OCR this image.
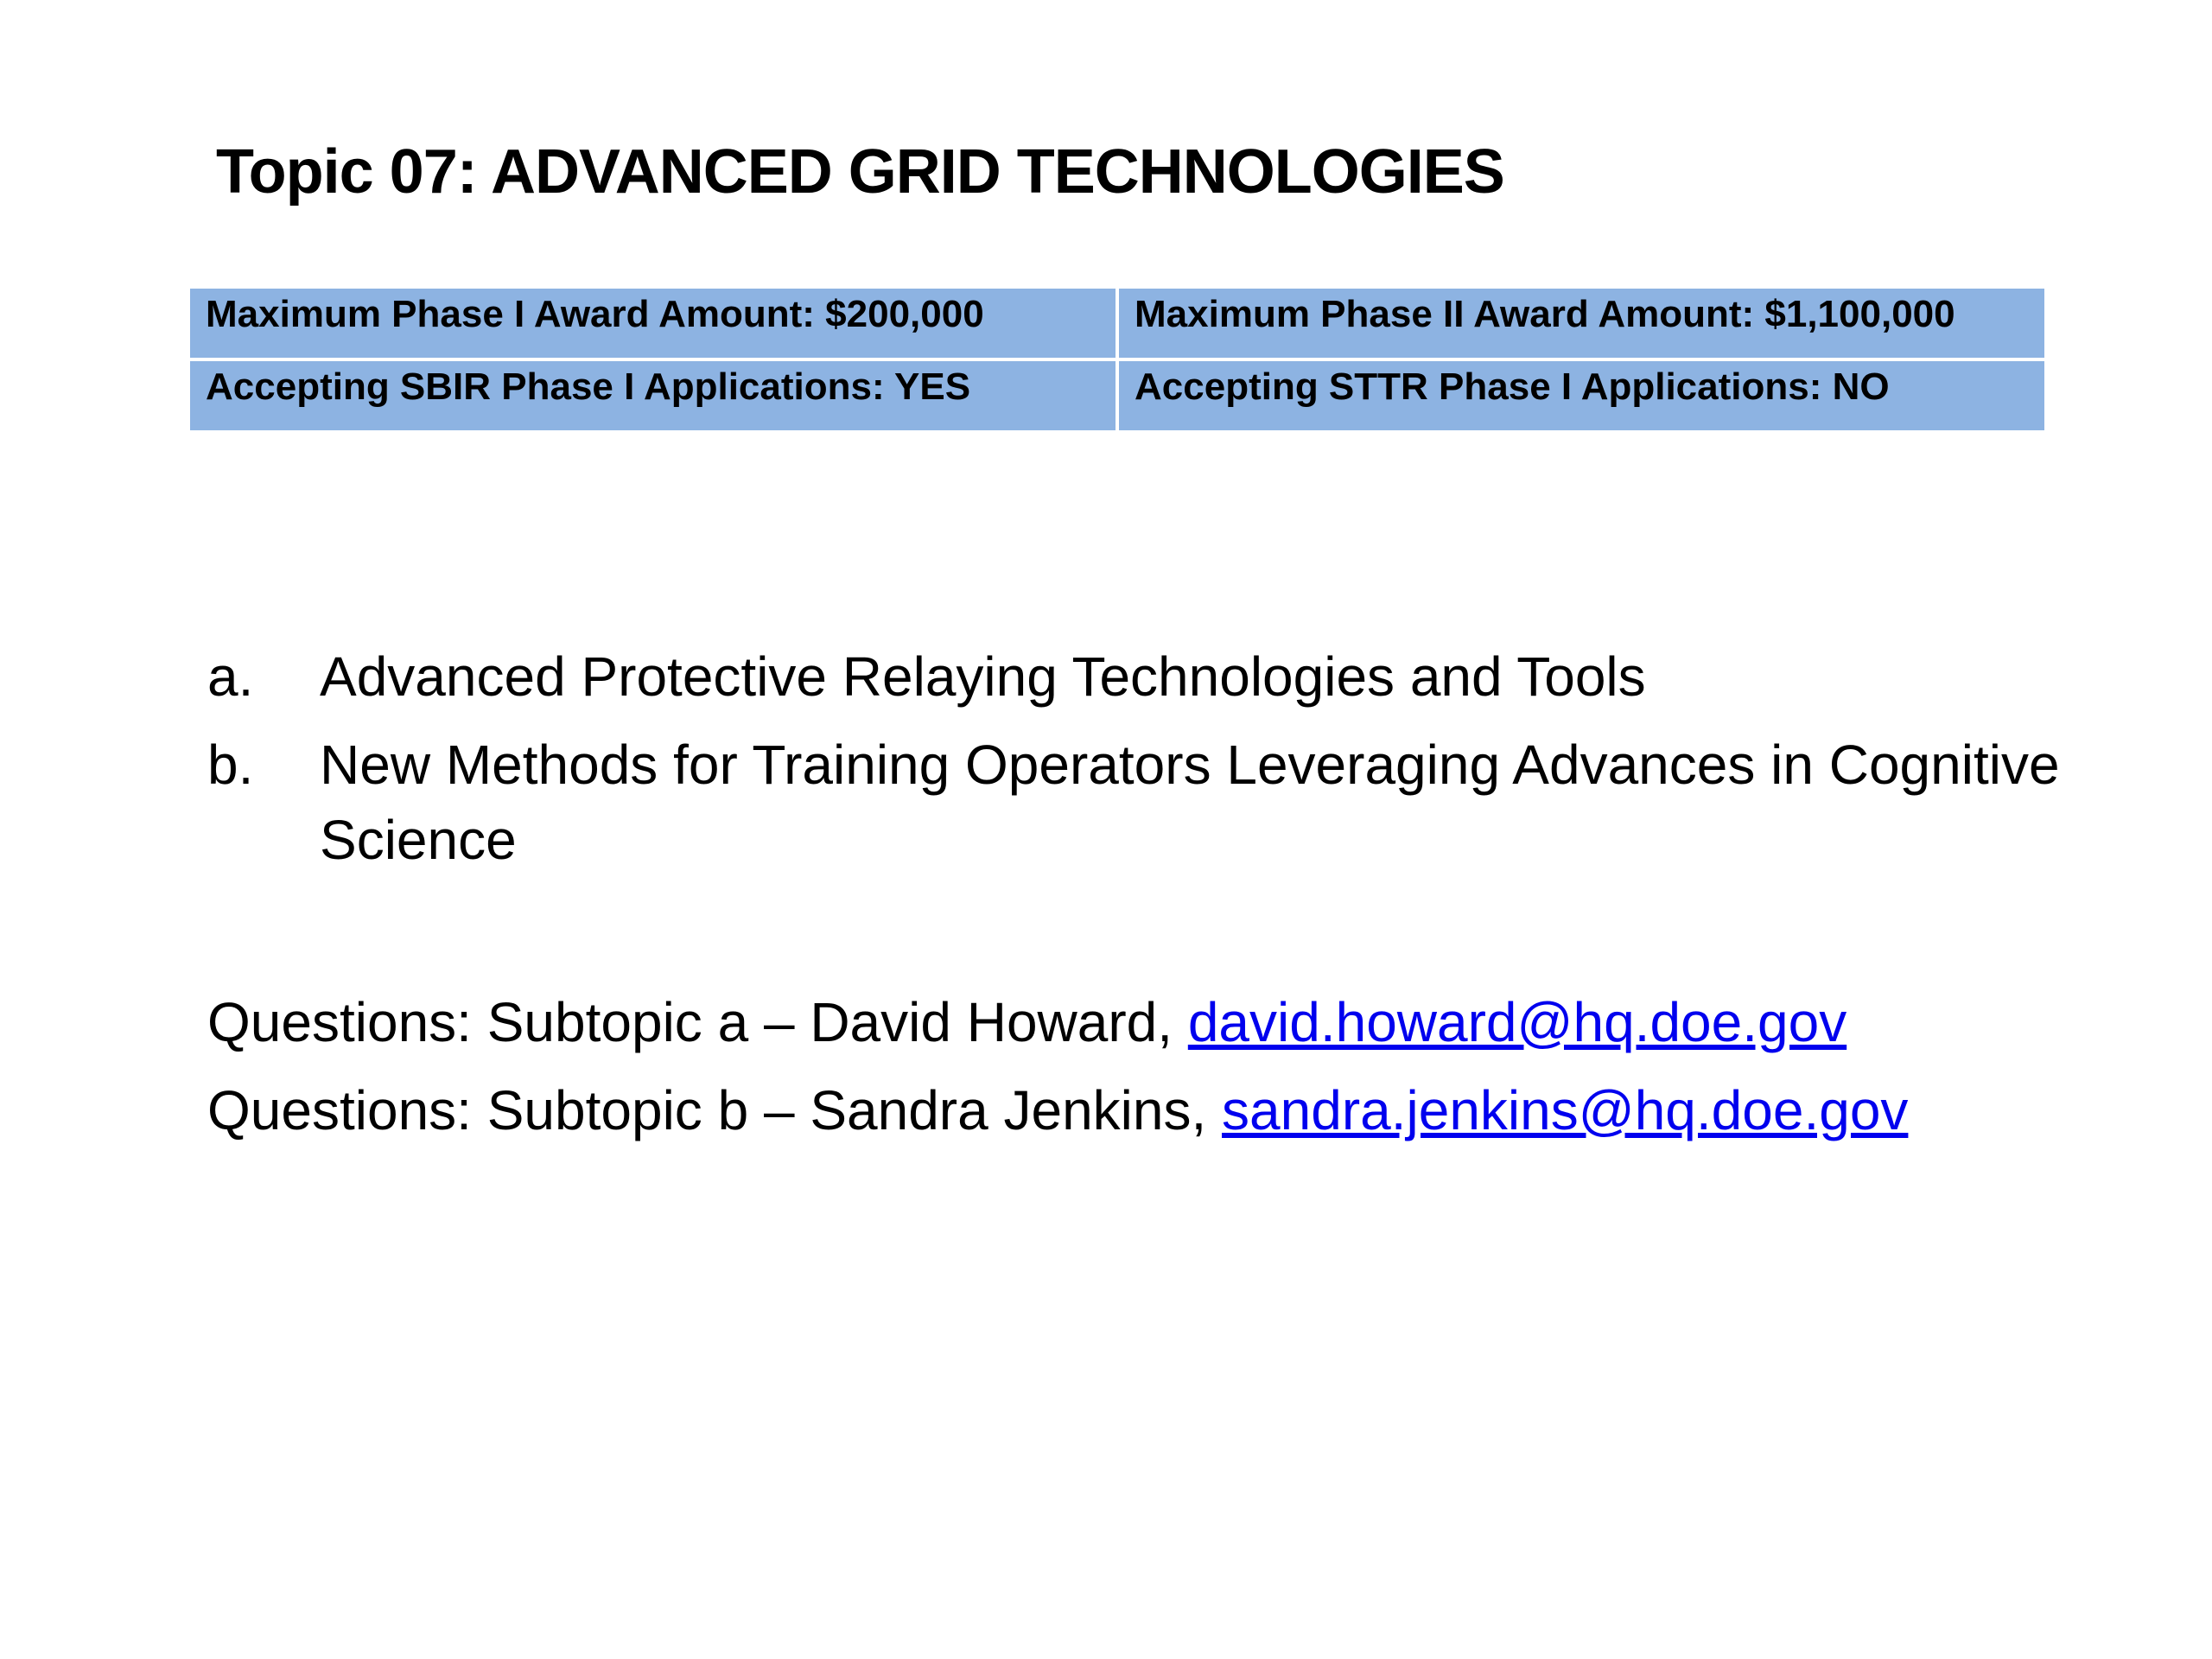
Topic 07: ADVANCED GRID TECHNOLOGIES
Maximum Phase I Award Amount: $200,000	Maximum Phase II Award Amount: $1,100,000

Accepting SBIR Phase I Applications: YES	Accepting STTR Phase I Applications: NO
a.	Advanced Protective Relaying Technologies and Tools
b.	New Methods for Training Operators Leveraging Advances in Cognitive Science

Questions: Subtopic a – David Howard, david.howard@hq.doe.gov

Questions: Subtopic b – Sandra Jenkins, sandra.jenkins@hq.doe.gov
